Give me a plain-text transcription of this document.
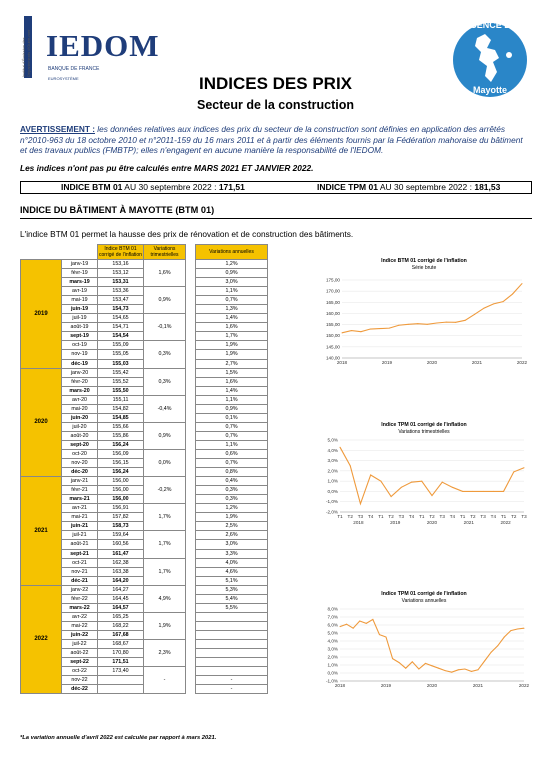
Institut d'Émission des Départements d'Outre-mer IEDOM
BANQUE DE FRANCE
EUROSYSTÈME
AGENCE DE
Mayotte
INDICES DES PRIX
Secteur de la construction
AVERTISSEMENT : les données relatives aux indices des prix du secteur de la construction sont définies en application des arrêtés n°2010-963 du 18 octobre 2010 et n°2011-159 du 16 mars 2011 et à partir des éléments fournis par la Fédération mahoraise du bâtiment et des travaux publics (FMBTP); elles n'engagent en aucune manière la responsabilité de l'IEDOM.
Les indices n'ont pas pu être calculés entre MARS 2021 ET JANVIER 2022.
INDICE BTM 01 AU 30 septembre 2022 : 171,51	INDICE TPM 01 AU 30 septembre 2022 : 181,53
INDICE DU BÂTIMENT À MAYOTTE (BTM 01)
L'indice BTM 01 permet la hausse des prix de rénovation et de construction des bâtiments.
		Indice BTM 01 corrigé de l'inflation	Variations trimestrielles		Variations annuelles
2019	janv-19	153,16	1,6%		1,2%
	févr-19	153,12			0,9%
	mars-19	153,31			3,0%
	avr-19	153,36	0,9%		1,1%
	mai-19	153,47			0,7%
	juin-19	154,73			1,3%
	juil-19	154,65	-0,1%		1,4%
	août-19	154,71			1,6%
	sept-19	154,54			1,7%
	oct-19	155,09	0,3%		1,9%
	nov-19	155,05			1,9%
	déc-19	155,03			2,7%
2020	janv-20	155,42	0,3%		1,5%
	févr-20	155,52			1,6%
	mars-20	155,50			1,4%
	avr-20	155,11	-0,4%		1,1%
	mai-20	154,82			0,9%
	juin-20	154,85			0,1%
	juil-20	155,66	0,9%		0,7%
	août-20	155,86			0,7%
	sept-20	156,24			1,1%
	oct-20	156,09	0,0%		0,6%
	nov-20	156,15			0,7%
	déc-20	156,24			0,8%
2021	janv-21	156,00	-0,2%		0,4%
	févr-21	156,00			0,3%
	mars-21	156,00			0,3%
	avr-21	156,91	1,7%		1,2%
	mai-21	157,82			1,9%
	juin-21	158,73			2,5%
	juil-21	159,64	1,7%		2,6%
	août-21	160,56			3,0%
	sept-21	161,47			3,3%
	oct-21	162,38	1,7%		4,0%
	nov-21	163,38			4,6%
	déc-21	164,20			5,1%
2022	janv-22	164,27	4,9%		5,3%
	févr-22	164,45			5,4%
	mars-22	164,57			5,5%
	avr-22	165,25	1,9%		
	mai-22	168,22			
	juin-22	167,68			
	juil-22	168,67	2,3%		
	août-22	170,80			
	sept-22	171,51			
	oct-22	173,40	-		
	nov-22				-
	déc-22				-
*La variation annuelle d'avril 2022 est calculée par rapport à mars 2021.
Indice BTM 01 corrigé de l'inflation
Série brute
140,00
145,00
150,00
155,00
160,00
165,00
170,00
175,00
2018	2019	2020	2021	2022
Indice TPM 01 corrigé de l'inflation
Variations trimestrielles
-2,0%
-1,0%
0,0%
1,0%
2,0%
3,0%
4,0%
5,0%
T1 T2 T3 T4 T1 T2 T3 T4 T1 T2 T3 T4 T1 T2 T3 T4 T1 T2 T3
2018	2019	2020	2021	2022
Indice TPM 01 corrigé de l'inflation
Variations annuelles
-1,0%
0,0%
1,0%
2,0%
3,0%
4,0%
5,0%
6,0%
7,0%
8,0%
2018	2019	2020	2021	2022
